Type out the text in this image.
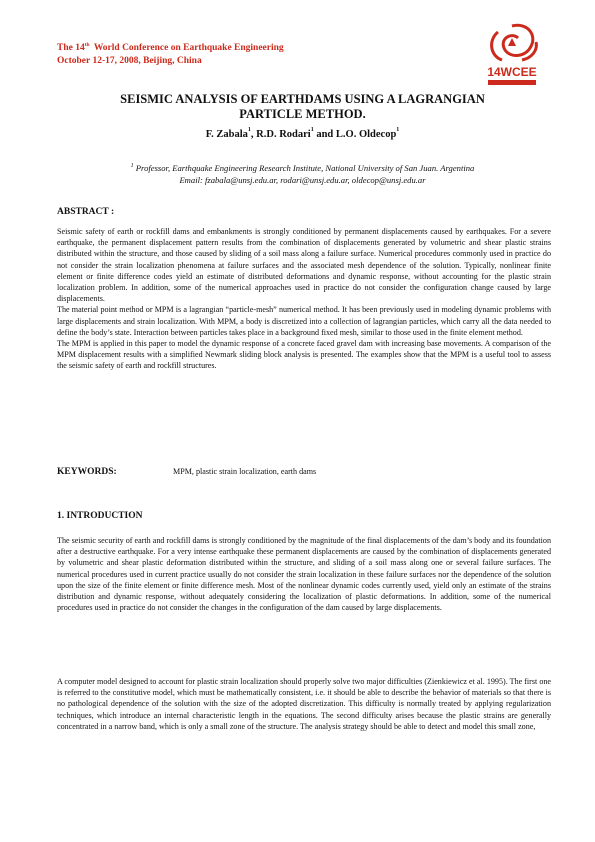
The 14th World Conference on Earthquake Engineering
October 12-17, 2008, Beijing, China
14WCEE
SEISMIC ANALYSIS OF EARTHDAMS USING A LAGRANGIAN
PARTICLE METHOD.
F. Zabala$^1$, R.D. Rodari$^1$ and L.O. Oldecop$^1$
$^1$ Professor, Earthquake Engineering Research Institute, National University of San Juan. Argentina
Email: fzabala@unsj.edu.ar, rodari@unsj.edu.ar, oldecop@unsj.edu.ar
ABSTRACT :

Seismic safety of earth or rockfill dams and embankments is strongly conditioned by permanent displacements caused by earthquakes. For a severe earthquake, the permanent displacement pattern results from the combination of displacements generated by volumetric and shear plastic strains distributed within the structure, and those caused by sliding of a soil mass along a failure surface. Numerical procedures commonly used in practice do not consider the strain localization phenomena at failure surfaces and the associated mesh dependence of the solution. Typically, nonlinear finite element or finite difference codes yield an estimate of distributed deformations and dynamic response, without accounting for the plastic strain localization problem. In addition, some of the numerical approaches used in practice do not consider the configuration change caused by large displacements.

The material point method or MPM is a lagrangian “particle-mesh” numerical method. It has been previously used in modeling dynamic problems with large displacements and strain localization. With MPM, a body is discretized into a collection of lagrangian particles, which carry all the data needed to define the body’s state. Interaction between particles takes place in a background fixed mesh, similar to those used in the finite element method.

The MPM is applied in this paper to model the dynamic response of a concrete faced gravel dam with increasing base movements. A comparison of the MPM displacement results with a simplified Newmark sliding block analysis is presented. The examples show that the MPM is a useful tool to assess the seismic safety of earth and rockfill structures.

KEYWORDS:	MPM, plastic strain localization, earth dams
1. INTRODUCTION
The seismic security of earth and rockfill dams is strongly conditioned by the magnitude of the final displacements of the dam’s body and its foundation after a destructive earthquake. For a very intense earthquake these permanent displacements are caused by the combination of displacements generated by volumetric and shear plastic deformation distributed within the structure, and sliding of a soil mass along one or several failure surfaces. The numerical procedures used in current practice usually do not consider the strain localization in these failure surfaces nor the dependence of the solution upon the size of the finite element or finite difference mesh. Most of the nonlinear dynamic codes currently used, yield only an estimate of the strains distribution and dynamic response, without adequately considering the localization of plastic deformations. In addition, some of the numerical procedures used in practice do not consider the changes in the configuration of the dam caused by large displacements.
A computer model designed to account for plastic strain localization should properly solve two major difficulties (Zienkiewicz et al. 1995). The first one is referred to the constitutive model, which must be mathematically consistent, i.e. it should be able to describe the behavior of materials so that there is no pathological dependence of the solution with the size of the adopted discretization. This difficulty is normally treated by applying regularization techniques, which introduce an internal characteristic length in the equations. The second difficulty arises because the plastic strains are generally concentrated in a narrow band, which is only a small zone of the structure. The analysis strategy should be able to detect and model this small zone,
